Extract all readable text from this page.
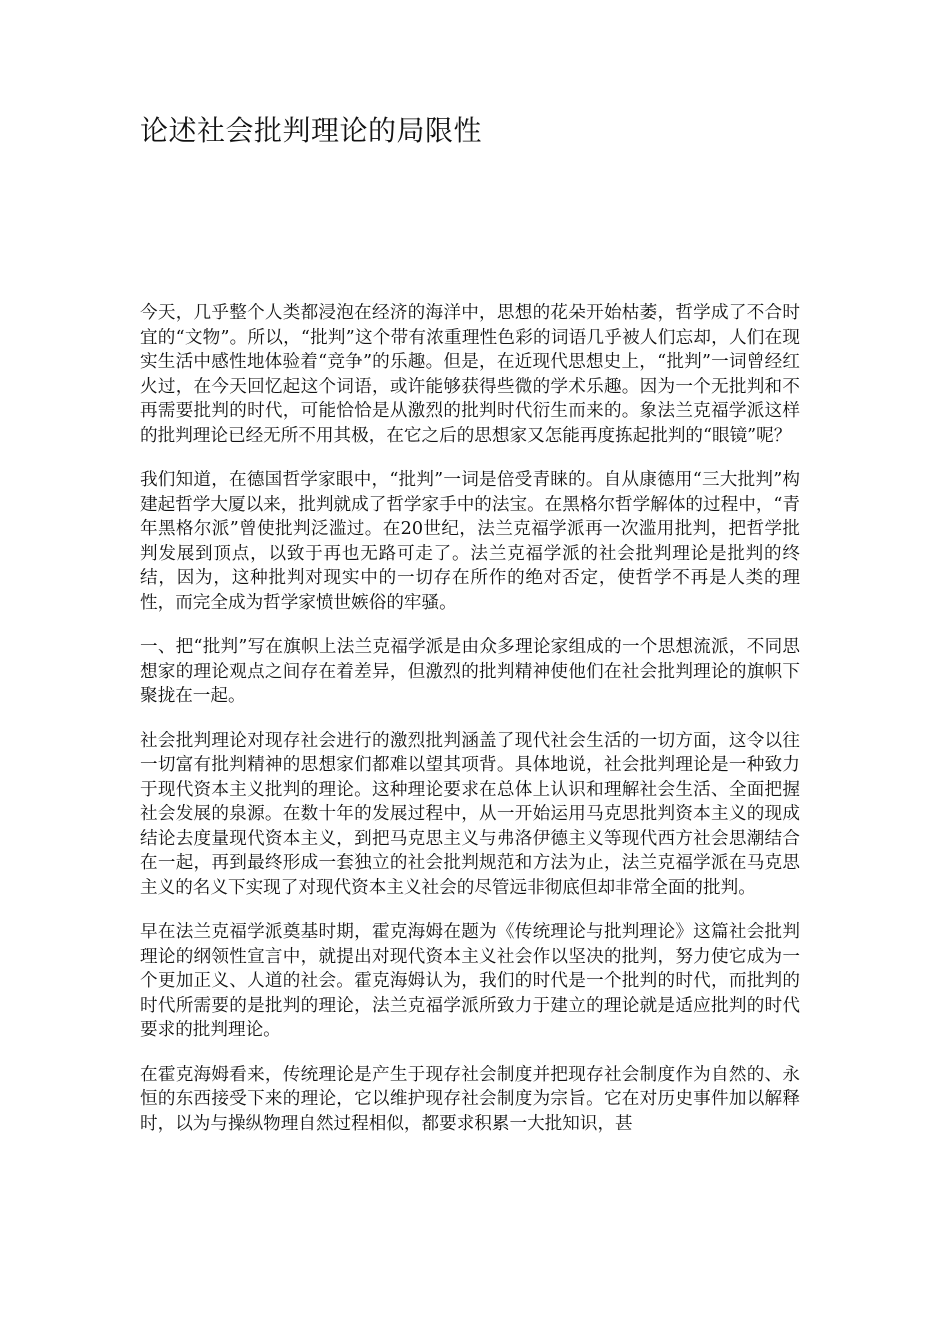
论述社会批判理论的局限性

今天，几乎整个人类都浸泡在经济的海洋中，思想的花朵开始枯萎，哲学成了不合时宜的“文物”。所以，“批判”这个带有浓重理性色彩的词语几乎被人们忘却，人们在现实生活中感性地体验着“竞争”的乐趣。但是，在近现代思想史上，“批判”一词曾经红火过，在今天回忆起这个词语，或许能够获得些微的学术乐趣。因为一个无批判和不再需要批判的时代，可能恰恰是从激烈的批判时代衍生而来的。象法兰克福学派这样的批判理论已经无所不用其极，在它之后的思想家又怎能再度拣起批判的“眼镜”呢？

我们知道，在德国哲学家眼中，“批判”一词是倍受青睐的。自从康德用“三大批判”构建起哲学大厦以来，批判就成了哲学家手中的法宝。在黑格尔哲学解体的过程中，“青年黑格尔派”曾使批判泛滥过。在20世纪，法兰克福学派再一次滥用批判，把哲学批判发展到顶点，以致于再也无路可走了。法兰克福学派的社会批判理论是批判的终结，因为，这种批判对现实中的一切存在所作的绝对否定，使哲学不再是人类的理性，而完全成为哲学家愤世嫉俗的牢骚。

一、把“批判”写在旗帜上法兰克福学派是由众多理论家组成的一个思想流派，不同思想家的理论观点之间存在着差异，但激烈的批判精神使他们在社会批判理论的旗帜下聚拢在一起。

社会批判理论对现存社会进行的激烈批判涵盖了现代社会生活的一切方面，这令以往一切富有批判精神的思想家们都难以望其项背。具体地说，社会批判理论是一种致力于现代资本主义批判的理论。这种理论要求在总体上认识和理解社会生活、全面把握社会发展的泉源。在数十年的发展过程中，从一开始运用马克思批判资本主义的现成结论去度量现代资本主义，到把马克思主义与弗洛伊德主义等现代西方社会思潮结合在一起，再到最终形成一套独立的社会批判规范和方法为止，法兰克福学派在马克思主义的名义下实现了对现代资本主义社会的尽管远非彻底但却非常全面的批判。

早在法兰克福学派奠基时期，霍克海姆在题为《传统理论与批判理论》这篇社会批判理论的纲领性宣言中，就提出对现代资本主义社会作以坚决的批判，努力使它成为一个更加正义、人道的社会。霍克海姆认为，我们的时代是一个批判的时代，而批判的时代所需要的是批判的理论，法兰克福学派所致力于建立的理论就是适应批判的时代要求的批判理论。

在霍克海姆看来，传统理论是产生于现存社会制度并把现存社会制度作为自然的、永恒的东西接受下来的理论，它以维护现存社会制度为宗旨。它在对历史事件加以解释时，以为与操纵物理自然过程相似，都要求积累一大批知识，甚
